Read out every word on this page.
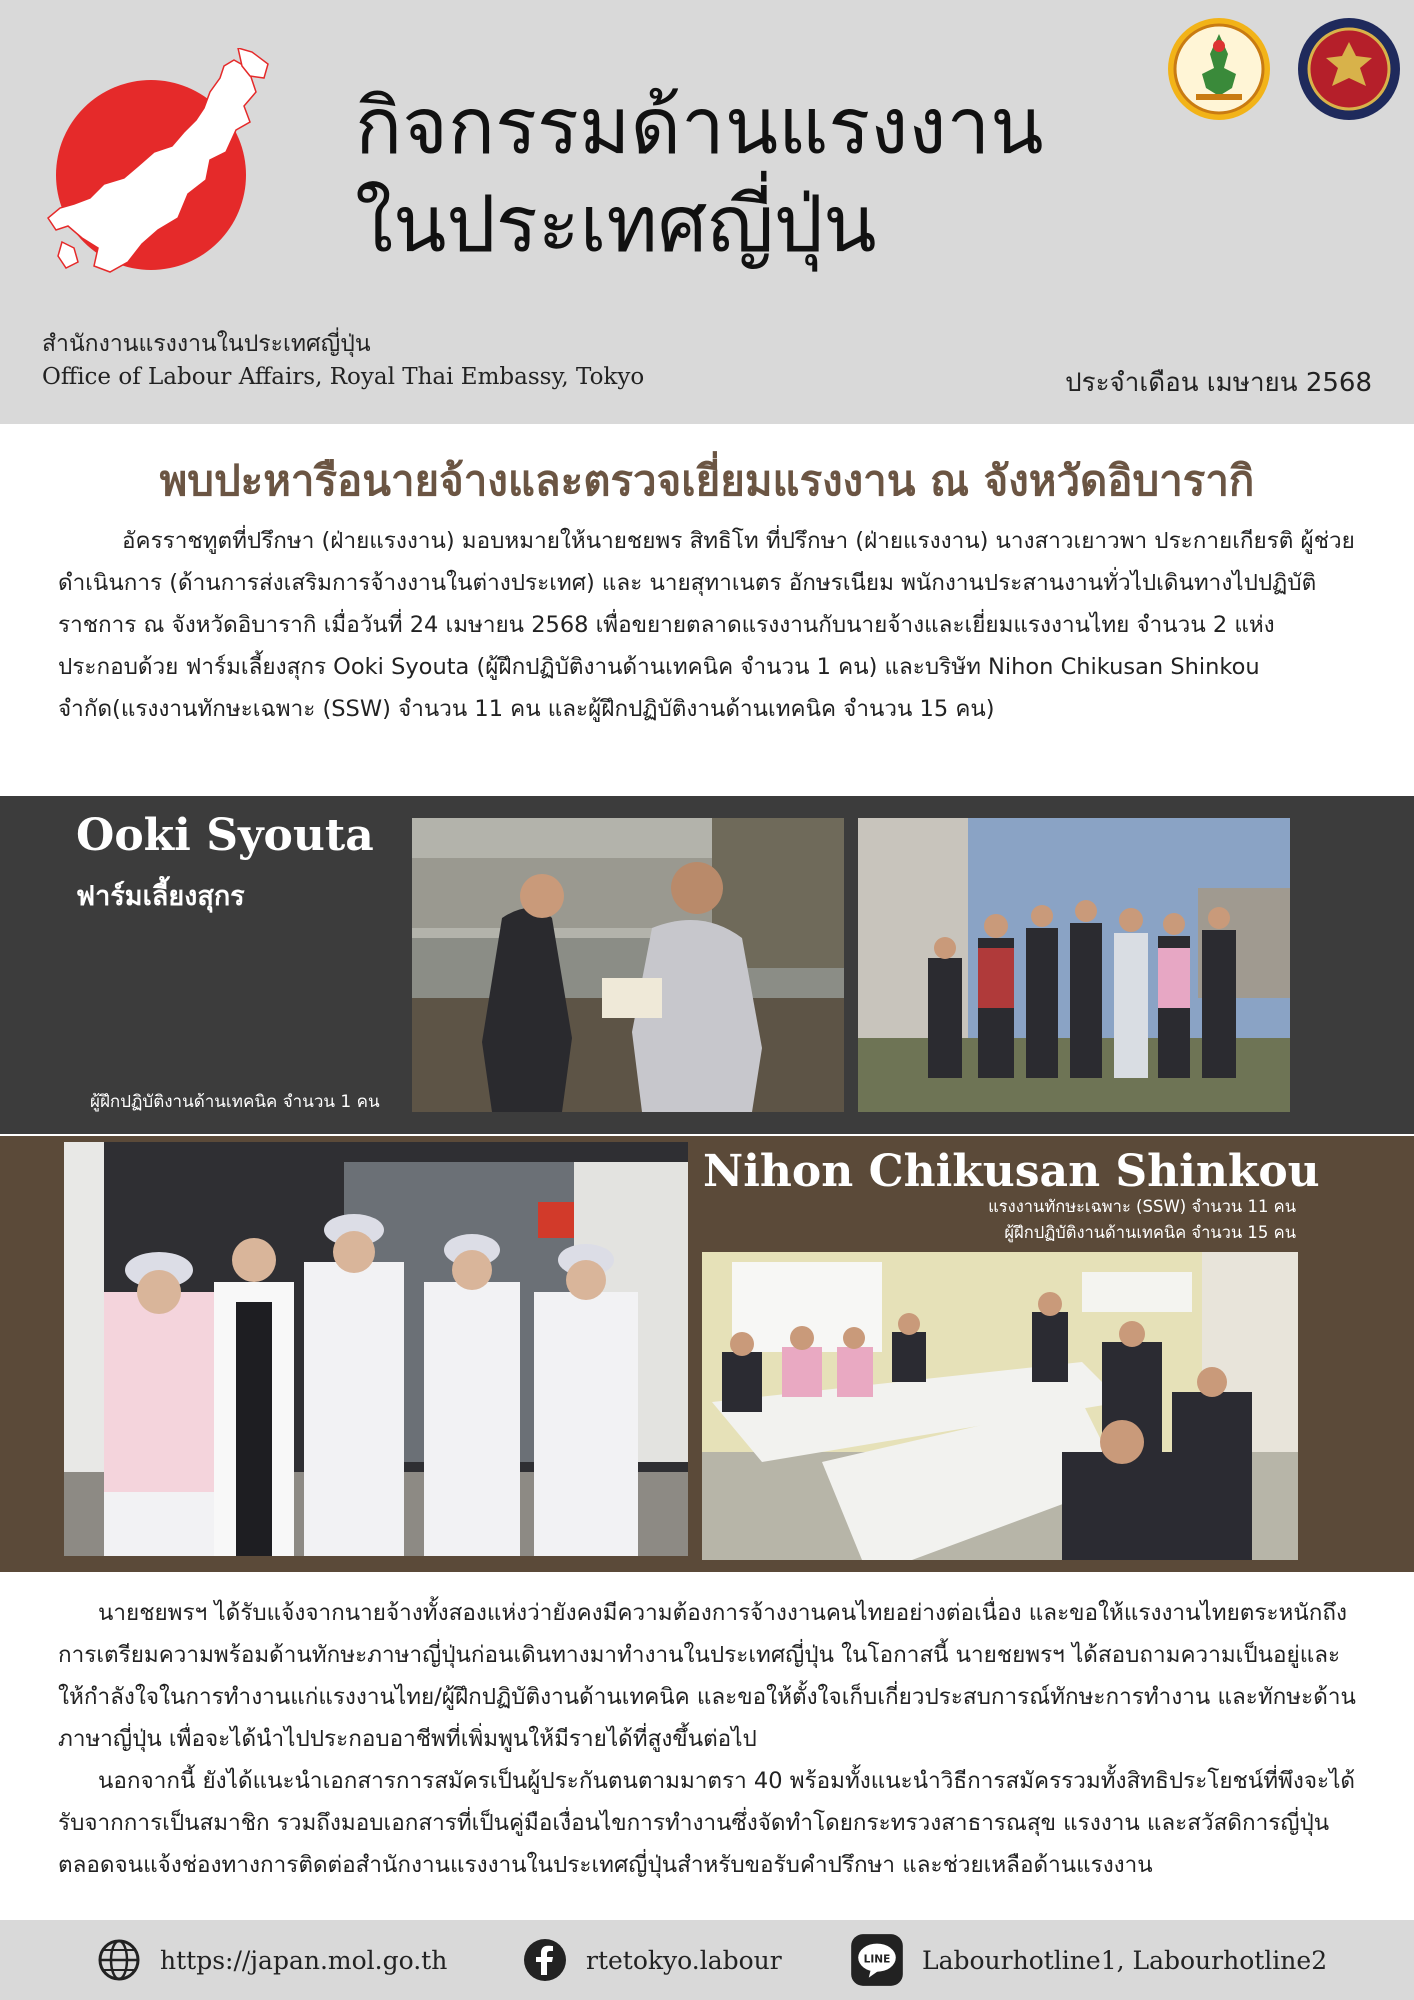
กิจกรรมด้านแรงงาน
ในประเทศญี่ปุ่น
สำนักงานแรงงานในประเทศญี่ปุ่น
Office of Labour Affairs, Royal Thai Embassy, Tokyo	ประจำเดือน เมษายน 2568
พบปะหารือนายจ้างและตรวจเยี่ยมแรงงาน ณ จังหวัดอิบารากิ

อัครราชทูตที่ปรึกษา (ฝ่ายแรงงาน) มอบหมายให้นายชยพร สิทธิโท ที่ปรึกษา (ฝ่ายแรงงาน) นางสาวเยาวพา ประกายเกียรติ ผู้ช่วยดำเนินการ (ด้านการส่งเสริมการจ้างงานในต่างประเทศ) และ นายสุทาเนตร อักษรเนียม พนักงานประสานงานทั่วไปเดินทางไปปฏิบัติราชการ ณ จังหวัดอิบารากิ เมื่อวันที่ 24 เมษายน 2568 เพื่อขยายตลาดแรงงานกับนายจ้างและเยี่ยมแรงงานไทย จำนวน 2 แห่ง ประกอบด้วย ฟาร์มเลี้ยงสุกร Ooki Syouta (ผู้ฝึกปฏิบัติงานด้านเทคนิค จำนวน 1 คน) และบริษัท Nihon Chikusan Shinkou จำกัด(แรงงานทักษะเฉพาะ (SSW) จำนวน 11 คน และผู้ฝึกปฏิบัติงานด้านเทคนิค จำนวน 15 คน)

Ooki Syouta
ฟาร์มเลี้ยงสุกร
ผู้ฝึกปฏิบัติงานด้านเทคนิค จำนวน 1 คน
Nihon Chikusan Shinkou
แรงงานทักษะเฉพาะ (SSW) จำนวน 11 คน
ผู้ฝึกปฏิบัติงานด้านเทคนิค จำนวน 15 คน

นายชยพรฯ ได้รับแจ้งจากนายจ้างทั้งสองแห่งว่ายังคงมีความต้องการจ้างงานคนไทยอย่างต่อเนื่อง และขอให้แรงงานไทยตระหนักถึงการเตรียมความพร้อมด้านทักษะภาษาญี่ปุ่นก่อนเดินทางมาทำงานในประเทศญี่ปุ่น ในโอกาสนี้ นายชยพรฯ ได้สอบถามความเป็นอยู่และให้กำลังใจในการทำงานแก่แรงงานไทย/ผู้ฝึกปฏิบัติงานด้านเทคนิค และขอให้ตั้งใจเก็บเกี่ยวประสบการณ์ทักษะการทำงาน และทักษะด้านภาษาญี่ปุ่น เพื่อจะได้นำไปประกอบอาชีพที่เพิ่มพูนให้มีรายได้ที่สูงขึ้นต่อไป

นอกจากนี้ ยังได้แนะนำเอกสารการสมัครเป็นผู้ประกันตนตามมาตรา 40 พร้อมทั้งแนะนำวิธีการสมัครรวมทั้งสิทธิประโยชน์ที่พึงจะได้รับจากการเป็นสมาชิก รวมถึงมอบเอกสารที่เป็นคู่มือเงื่อนไขการทำงานซึ่งจัดทำโดยกระทรวงสาธารณสุข แรงงาน และสวัสดิการญี่ปุ่น ตลอดจนแจ้งช่องทางการติดต่อสำนักงานแรงงานในประเทศญี่ปุ่นสำหรับขอรับคำปรึกษา และช่วยเหลือด้านแรงงาน

https://japan.mol.go.th	rtetokyo.labour	LINE Labourhotline1, Labourhotline2
